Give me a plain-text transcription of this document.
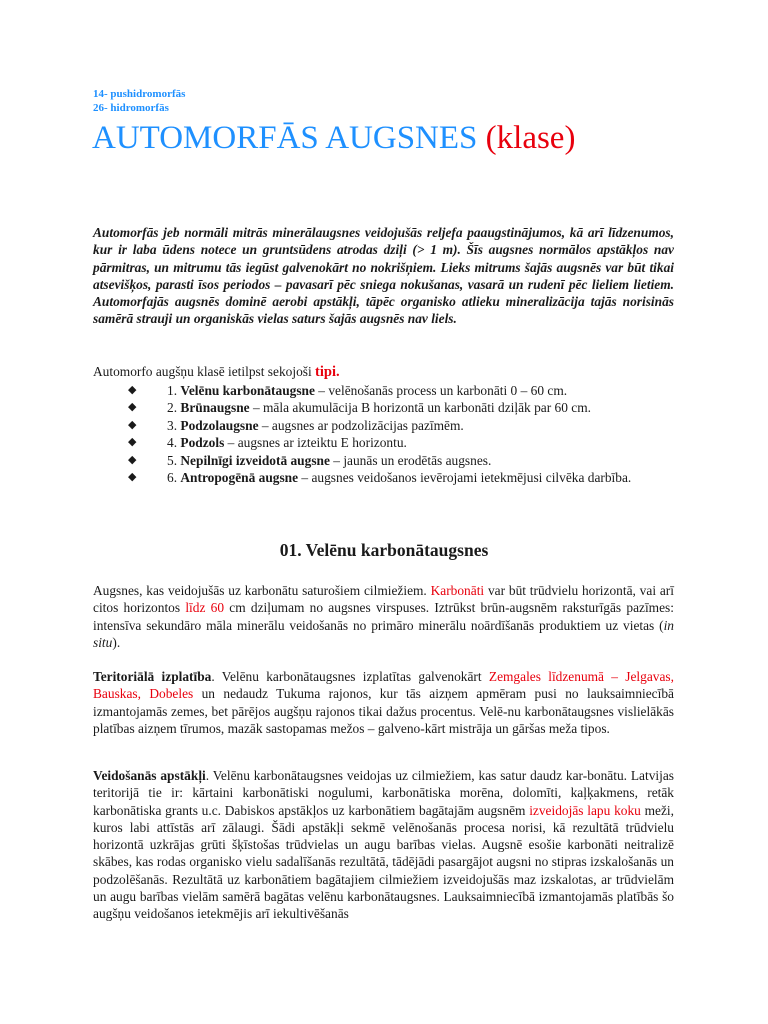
14- pushidromorfās
26- hidromorfās
AUTOMORFĀS AUGSNES (klase)
Automorfās jeb normāli mitrās minerālaugsnes veidojušās reljefa paaugstinājumos, kā arī līdzenumos, kur ir laba ūdens notece un gruntsūdens atrodas dziļi (> 1 m). Šīs augsnes normālos apstākļos nav pārmitras, un mitrumu tās iegūst galvenokārt no nokrišņiem. Lieks mitrums šajās augsnēs var būt tikai atsevišķos, parasti īsos periodos – pavasarī pēc sniega nokušanas, vasarā un rudenī pēc lieliem lietiem. Automorfajās augsnēs dominē aerobi apstākļi, tāpēc organisko atlieku mineralizācija tajās norisinās samērā strauji un organiskās vielas saturs šajās augsnēs nav liels.
Automorfo augšņu klasē ietilpst sekojoši tipi.
◆ 1. Velēnu karbonātaugsne – velēnošanās process un karbonāti 0 – 60 cm.
◆ 2. Brūnaugsne – māla akumulācija B horizontā un karbonāti dziļāk par 60 cm.
◆ 3. Podzolaugsne – augsnes ar podzolizācijas pazīmēm.
◆ 4. Podzols – augsnes ar izteiktu E horizontu.
◆ 5. Nepilnīgi izveidotā augsne – jaunās un erodētās augsnes.
◆ 6. Antropogēnā augsne – augsnes veidošanos ievērojami ietekmējusi cilvēka darbība.
01. Velēnu karbonātaugsnes
Augsnes, kas veidojušās uz karbonātu saturošiem cilmiežiem. Karbonāti var būt trūdvielu horizontā, vai arī citos horizontos līdz 60 cm dziļumam no augsnes virspuses. Iztrūkst brūn-augsnēm raksturīgās pazīmes: intensīva sekundāro māla minerālu veidošanās no primāro minerālu noārdīšanās produktiem uz vietas (in situ).
Teritoriālā izplatība. Velēnu karbonātaugsnes izplatītas galvenokārt Zemgales līdzenumā – Jelgavas, Bauskas, Dobeles un nedaudz Tukuma rajonos, kur tās aizņem apmēram pusi no lauksaimniecībā izmantojamās zemes, bet pārējos augšņu rajonos tikai dažus procentus. Velē-nu karbonātaugsnes vislielākās platības aizņem tīrumos, mazāk sastopamas mežos – galveno-kārt mistrāja un gāršas meža tipos.
Veidošanās apstākļi. Velēnu karbonātaugsnes veidojas uz cilmiežiem, kas satur daudz kar-bonātu. Latvijas teritorijā tie ir: kārtaini karbonātiski nogulumi, karbonātiska morēna, dolomīti, kaļķakmens, retāk karbonātiska grants u.c. Dabiskos apstākļos uz karbonātiem bagātajām augsnēm izveidojās lapu koku meži, kuros labi attīstās arī zālaugi. Šādi apstākļi sekmē velēnošanās procesa norisi, kā rezultātā trūdvielu horizontā uzkrājas grūti šķīstošas trūdvielas un augu barības vielas. Augsnē esošie karbonāti neitralizē skābes, kas rodas organisko vielu sadalīšanās rezultātā, tādējādi pasargājot augsni no stipras izskalošanās un podzolēšanās. Rezultātā uz karbonātiem bagātajiem cilmiežiem izveidojušās maz izskalotas, ar trūdvielām un augu barības vielām samērā bagātas velēnu karbonātaugsnes. Lauksaimniecībā izmantojamās platībās šo augšņu veidošanos ietekmējis arī iekultivēšanās
